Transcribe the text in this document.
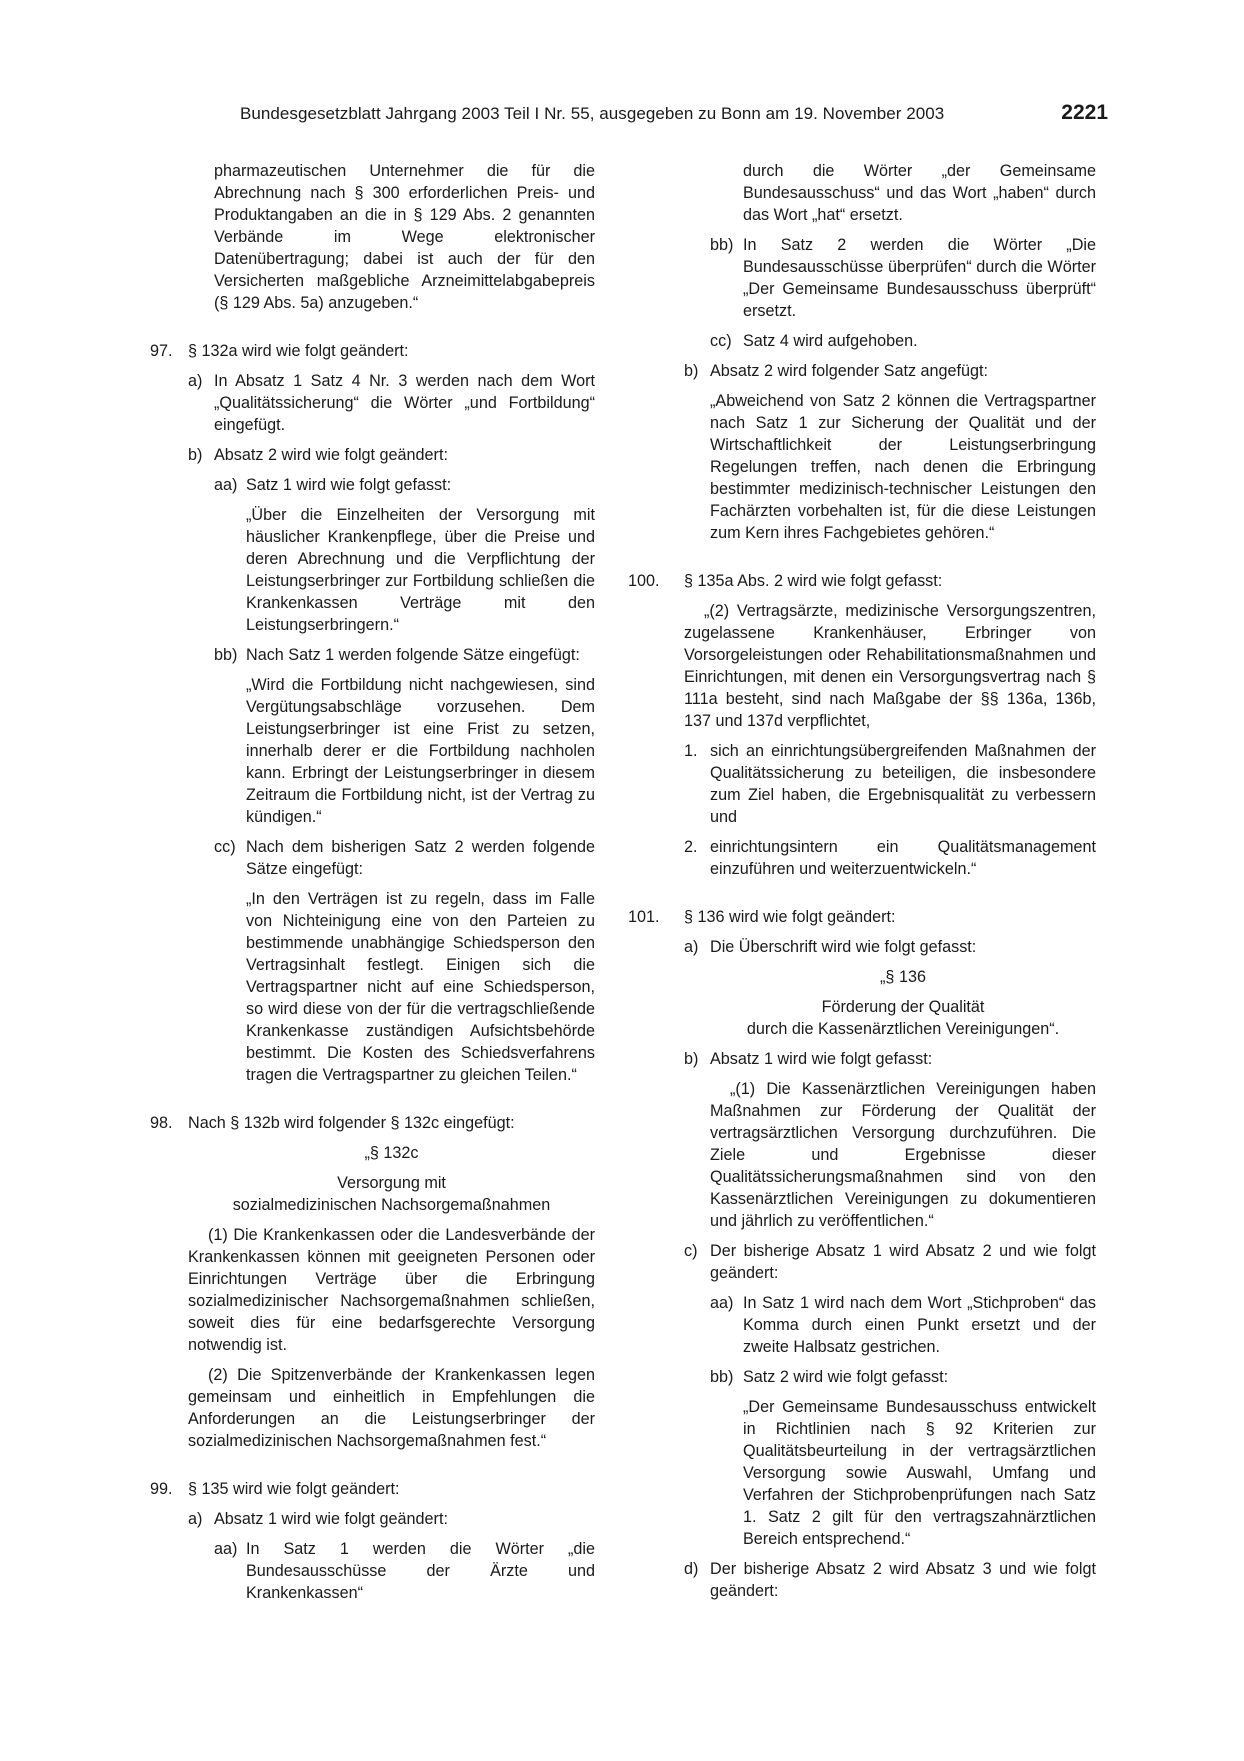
Bundesgesetzblatt Jahrgang 2003 Teil I Nr. 55, ausgegeben zu Bonn am 19. November 2003	2221

pharmazeutischen Unternehmer die für die Abrechnung nach § 300 erforderlichen Preis- und Produktangaben an die in § 129 Abs. 2 genannten Verbände im Wege elektronischer Datenübertragung; dabei ist auch der für den Versicherten maßgebliche Arzneimittelabgabepreis (§ 129 Abs. 5a) anzugeben.“

97. § 132a wird wie folgt geändert:
a) In Absatz 1 Satz 4 Nr. 3 werden nach dem Wort „Qualitätssicherung“ die Wörter „und Fortbildung“ eingefügt.
b) Absatz 2 wird wie folgt geändert:
aa) Satz 1 wird wie folgt gefasst:

„Über die Einzelheiten der Versorgung mit häuslicher Krankenpflege, über die Preise und deren Abrechnung und die Verpflichtung der Leistungserbringer zur Fortbildung schließen die Krankenkassen Verträge mit den Leistungserbringern.“

bb) Nach Satz 1 werden folgende Sätze eingefügt:

„Wird die Fortbildung nicht nachgewiesen, sind Vergütungsabschläge vorzusehen. Dem Leistungserbringer ist eine Frist zu setzen, innerhalb derer er die Fortbildung nachholen kann. Erbringt der Leistungserbringer in diesem Zeitraum die Fortbildung nicht, ist der Vertrag zu kündigen.“

cc) Nach dem bisherigen Satz 2 werden folgende Sätze eingefügt:

„In den Verträgen ist zu regeln, dass im Falle von Nichteinigung eine von den Parteien zu bestimmende unabhängige Schiedsperson den Vertragsinhalt festlegt. Einigen sich die Vertragspartner nicht auf eine Schiedsperson, so wird diese von der für die vertragschließende Krankenkasse zuständigen Aufsichtsbehörde bestimmt. Die Kosten des Schiedsverfahrens tragen die Vertragspartner zu gleichen Teilen.“

98. Nach § 132b wird folgender § 132c eingefügt:

„§ 132c

Versorgung mit

sozialmedizinischen Nachsorgemaßnahmen

(1) Die Krankenkassen oder die Landesverbände der Krankenkassen können mit geeigneten Personen oder Einrichtungen Verträge über die Erbringung sozialmedizinischer Nachsorgemaßnahmen schließen, soweit dies für eine bedarfsgerechte Versorgung notwendig ist.

(2) Die Spitzenverbände der Krankenkassen legen gemeinsam und einheitlich in Empfehlungen die Anforderungen an die Leistungserbringer der sozialmedizinischen Nachsorgemaßnahmen fest.“

99. § 135 wird wie folgt geändert:
a) Absatz 1 wird wie folgt geändert:
aa) In Satz 1 werden die Wörter „die Bundesausschüsse der Ärzte und Krankenkassen“

durch die Wörter „der Gemeinsame Bundesausschuss“ und das Wort „haben“ durch das Wort „hat“ ersetzt.

bb) In Satz 2 werden die Wörter „Die Bundesausschüsse überprüfen“ durch die Wörter „Der Gemeinsame Bundesausschuss überprüft“ ersetzt.
cc) Satz 4 wird aufgehoben.
b) Absatz 2 wird folgender Satz angefügt:

„Abweichend von Satz 2 können die Vertragspartner nach Satz 1 zur Sicherung der Qualität und der Wirtschaftlichkeit der Leistungserbringung Regelungen treffen, nach denen die Erbringung bestimmter medizinisch-technischer Leistungen den Fachärzten vorbehalten ist, für die diese Leistungen zum Kern ihres Fachgebietes gehören.“

100. § 135a Abs. 2 wird wie folgt gefasst:

„(2) Vertragsärzte, medizinische Versorgungszentren, zugelassene Krankenhäuser, Erbringer von Vorsorgeleistungen oder Rehabilitationsmaßnahmen und Einrichtungen, mit denen ein Versorgungsvertrag nach § 111a besteht, sind nach Maßgabe der §§ 136a, 136b, 137 und 137d verpflichtet,

1. sich an einrichtungsübergreifenden Maßnahmen der Qualitätssicherung zu beteiligen, die insbesondere zum Ziel haben, die Ergebnisqualität zu verbessern und
2. einrichtungsintern ein Qualitätsmanagement einzuführen und weiterzuentwickeln.“
101. § 136 wird wie folgt geändert:
a) Die Überschrift wird wie folgt gefasst:

„§ 136

Förderung der Qualität

durch die Kassenärztlichen Vereinigungen“.

b) Absatz 1 wird wie folgt gefasst:

„(1) Die Kassenärztlichen Vereinigungen haben Maßnahmen zur Förderung der Qualität der vertragsärztlichen Versorgung durchzuführen. Die Ziele und Ergebnisse dieser Qualitätssicherungsmaßnahmen sind von den Kassenärztlichen Vereinigungen zu dokumentieren und jährlich zu veröffentlichen.“

c) Der bisherige Absatz 1 wird Absatz 2 und wie folgt geändert:
aa) In Satz 1 wird nach dem Wort „Stichproben“ das Komma durch einen Punkt ersetzt und der zweite Halbsatz gestrichen.
bb) Satz 2 wird wie folgt gefasst:

„Der Gemeinsame Bundesausschuss entwickelt in Richtlinien nach § 92 Kriterien zur Qualitätsbeurteilung in der vertragsärztlichen Versorgung sowie Auswahl, Umfang und Verfahren der Stichprobenprüfungen nach Satz 1. Satz 2 gilt für den vertragszahnärztlichen Bereich entsprechend.“

d) Der bisherige Absatz 2 wird Absatz 3 und wie folgt geändert:
